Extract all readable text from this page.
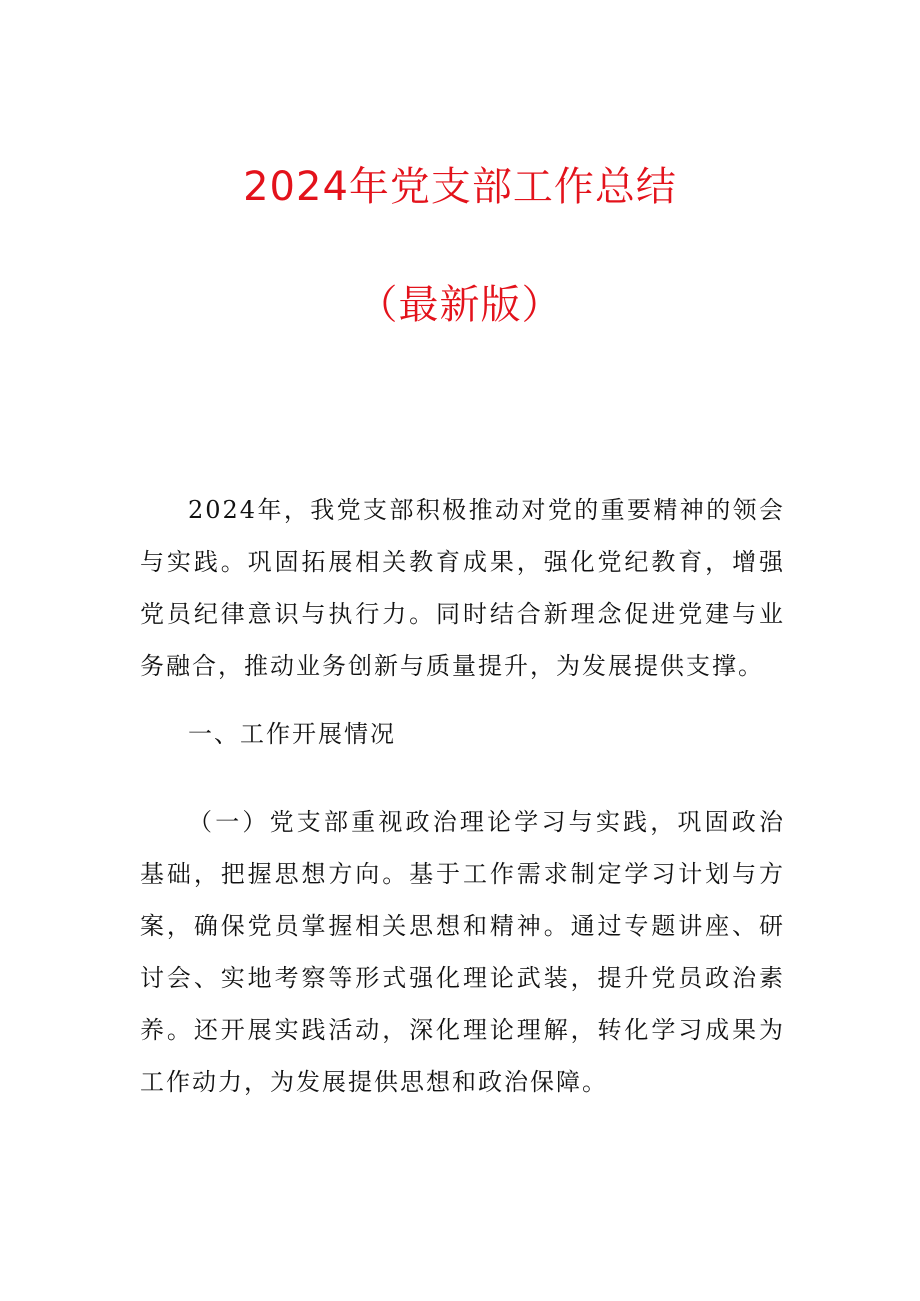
2024年党支部工作总结
（最新版）

2024年，我党支部积极推动对党的重要精神的领会与实践。巩固拓展相关教育成果，强化党纪教育，增强党员纪律意识与执行力。同时结合新理念促进党建与业务融合，推动业务创新与质量提升，为发展提供支撑。

一、工作开展情况

（一）党支部重视政治理论学习与实践，巩固政治基础，把握思想方向。基于工作需求制定学习计划与方案，确保党员掌握相关思想和精神。通过专题讲座、研讨会、实地考察等形式强化理论武装，提升党员政治素养。还开展实践活动，深化理论理解，转化学习成果为工作动力，为发展提供思想和政治保障。
